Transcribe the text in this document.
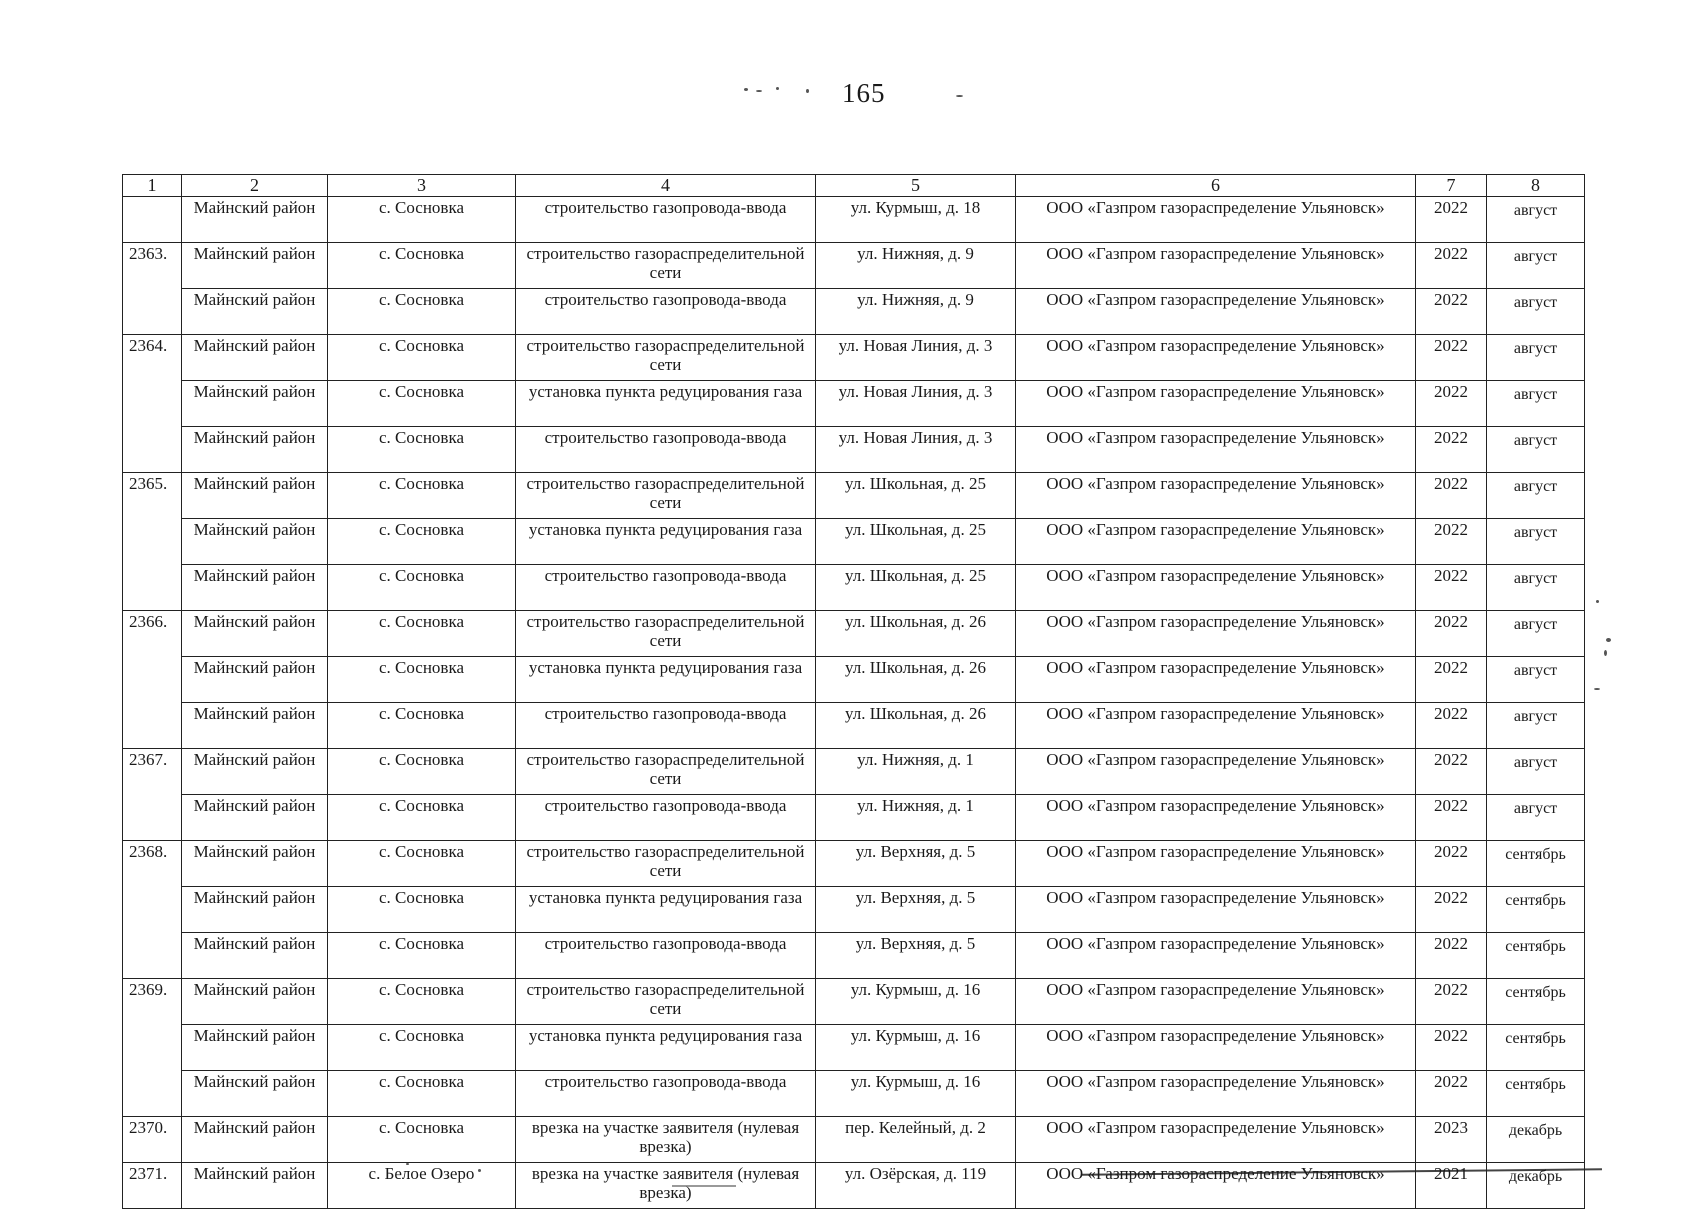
165
1	2	3	4	5	6	7	8
	Майнский район	с. Сосновка	строительство газопровода-ввода	ул. Курмыш, д. 18	ООО «Газпром газораспределение Ульяновск»	2022	август
2363.	Майнский район	с. Сосновка	строительство газораспределительной сети	ул. Нижняя, д. 9	ООО «Газпром газораспределение Ульяновск»	2022	август
	Майнский район	с. Сосновка	строительство газопровода-ввода	ул. Нижняя, д. 9	ООО «Газпром газораспределение Ульяновск»	2022	август
2364.	Майнский район	с. Сосновка	строительство газораспределительной сети	ул. Новая Линия, д. 3	ООО «Газпром газораспределение Ульяновск»	2022	август
	Майнский район	с. Сосновка	установка пункта редуцирования газа	ул. Новая Линия, д. 3	ООО «Газпром газораспределение Ульяновск»	2022	август
	Майнский район	с. Сосновка	строительство газопровода-ввода	ул. Новая Линия, д. 3	ООО «Газпром газораспределение Ульяновск»	2022	август
2365.	Майнский район	с. Сосновка	строительство газораспределительной сети	ул. Школьная, д. 25	ООО «Газпром газораспределение Ульяновск»	2022	август
	Майнский район	с. Сосновка	установка пункта редуцирования газа	ул. Школьная, д. 25	ООО «Газпром газораспределение Ульяновск»	2022	август
	Майнский район	с. Сосновка	строительство газопровода-ввода	ул. Школьная, д. 25	ООО «Газпром газораспределение Ульяновск»	2022	август
2366.	Майнский район	с. Сосновка	строительство газораспределительной сети	ул. Школьная, д. 26	ООО «Газпром газораспределение Ульяновск»	2022	август
	Майнский район	с. Сосновка	установка пункта редуцирования газа	ул. Школьная, д. 26	ООО «Газпром газораспределение Ульяновск»	2022	август
	Майнский район	с. Сосновка	строительство газопровода-ввода	ул. Школьная, д. 26	ООО «Газпром газораспределение Ульяновск»	2022	август
2367.	Майнский район	с. Сосновка	строительство газораспределительной сети	ул. Нижняя, д. 1	ООО «Газпром газораспределение Ульяновск»	2022	август
	Майнский район	с. Сосновка	строительство газопровода-ввода	ул. Нижняя, д. 1	ООО «Газпром газораспределение Ульяновск»	2022	август
2368.	Майнский район	с. Сосновка	строительство газораспределительной сети	ул. Верхняя, д. 5	ООО «Газпром газораспределение Ульяновск»	2022	сентябрь
	Майнский район	с. Сосновка	установка пункта редуцирования газа	ул. Верхняя, д. 5	ООО «Газпром газораспределение Ульяновск»	2022	сентябрь
	Майнский район	с. Сосновка	строительство газопровода-ввода	ул. Верхняя, д. 5	ООО «Газпром газораспределение Ульяновск»	2022	сентябрь
2369.	Майнский район	с. Сосновка	строительство газораспределительной сети	ул. Курмыш, д. 16	ООО «Газпром газораспределение Ульяновск»	2022	сентябрь
	Майнский район	с. Сосновка	установка пункта редуцирования газа	ул. Курмыш, д. 16	ООО «Газпром газораспределение Ульяновск»	2022	сентябрь
	Майнский район	с. Сосновка	строительство газопровода-ввода	ул. Курмыш, д. 16	ООО «Газпром газораспределение Ульяновск»	2022	сентябрь
2370.	Майнский район	с. Сосновка	врезка на участке заявителя (нулевая врезка)	пер. Келейный, д. 2	ООО «Газпром газораспределение Ульяновск»	2023	декабрь
2371.	Майнский район	с. Белое Озеро	врезка на участке заявителя (нулевая врезка)	ул. Озёрская, д. 119	ООО «Газпром газораспределение Ульяновск»	2021	декабрь
